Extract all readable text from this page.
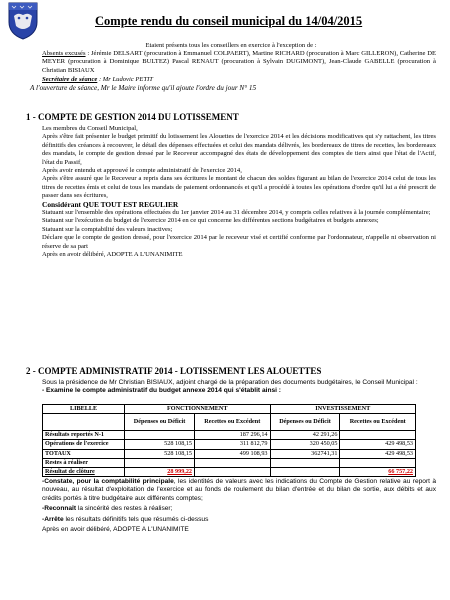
Compte rendu du conseil municipal du 14/04/2015

Etaient présents tous les conseillers en exercice à l'exception de :

Absents excusés : Jérémie DELSART (procuration à Emmanuel COLPAERT), Martine RICHARD (procuration à Marc GILLERON), Catherine DE MEYER (procuration à Dominique BULTEZ) Pascal RENAUT (procuration à Sylvain DUGIMONT), Jean-Claude GABELLE (procuration à Christian BISIAUX
Secrétaire de séance : Mr Ludovic PETIT
A l'ouverture de séance, Mr le Maire informe qu'il ajoute l'ordre du jour N° 15
1 - COMPTE DE GESTION 2014 DU LOTISSEMENT

Les membres du Conseil Municipal,

Après s'être fait présenter le budget primitif du lotissement les Alouettes de l'exercice 2014 et les décisions modificatives qui s'y rattachent, les titres définitifs des créances à recouvrer, le détail des dépenses effectuées et celui des mandats délivrés, les bordereaux de titres de recettes, les bordereaux des mandats, le compte de gestion dressé par le Receveur accompagné des états de développement des comptes de tiers ainsi que l'état de l'Actif, l'état du Passif,

Après avoir entendu et approuvé le compte administratif de l'exercice 2014,

Après s'être assuré que le Receveur a repris dans ses écritures le montant de chacun des soldes figurant au bilan de l'exercice 2014 celui de tous les titres de recettes émis et celui de tous les mandats de paiement ordonnancés et qu'il a procédé à toutes les opérations d'ordre qu'il lui a été prescrit de passer dans ses écritures,

Considérant QUE TOUT EST REGULIER

Statuant sur l'ensemble des opérations effectuées du 1er janvier 2014 au 31 décembre 2014, y compris celles relatives à la journée complémentaire;

Statuant sur l'exécution du budget de l'exercice 2014 en ce qui concerne les différentes sections budgétaires et budgets annexes;

Statuant sur la comptabilité des valeurs inactives;

Déclare que le compte de gestion dressé, pour l'exercice 2014 par le receveur visé et certifié conforme par l'ordonnateur, n'appelle ni observation ni réserve de sa part

Après en avoir délibéré, ADOPTE A L'UNANIMITE

2 - COMPTE ADMINISTRATIF 2014 - LOTISSEMENT LES ALOUETTES

Sous la présidence de Mr Christian BISIAUX, adjoint chargé de la préparation des documents budgétaires, le Conseil Municipal :

- Examine le compte administratif du budget annexe 2014 qui s'établit ainsi :

LIBELLE	FONCTIONNEMENT		INVESTISSEMENT	
	Dépenses ou Déficit	Recettes ou Excédent	Dépenses ou Déficit	Recettes ou Excédent
Résultats reportés N-1		187 296,14	42 291,26	
Opérations de l'exercice	528 108,15	311 812,79	320 450,05	429 498,53
TOTAUX	528 108,15	499 108,93	362741,31	429 498,53
Restes à réaliser				
Résultat de clôture	28 999,22			66 757,22

-Constate, pour la comptabilité principale, les identités de valeurs avec les indications du Compte de Gestion relative au report à nouveau, au résultat d'exploitation de l'exercice et au fonds de roulement du bilan d'entrée et du bilan de sortie, aux débits et aux crédits portés à titre budgétaire aux différents comptes;

-Reconnaît la sincérité des restes à réaliser;

-Arrête les résultats définitifs tels que résumés ci-dessus

Après en avoir délibéré, ADOPTE A L'UNANIMITE
